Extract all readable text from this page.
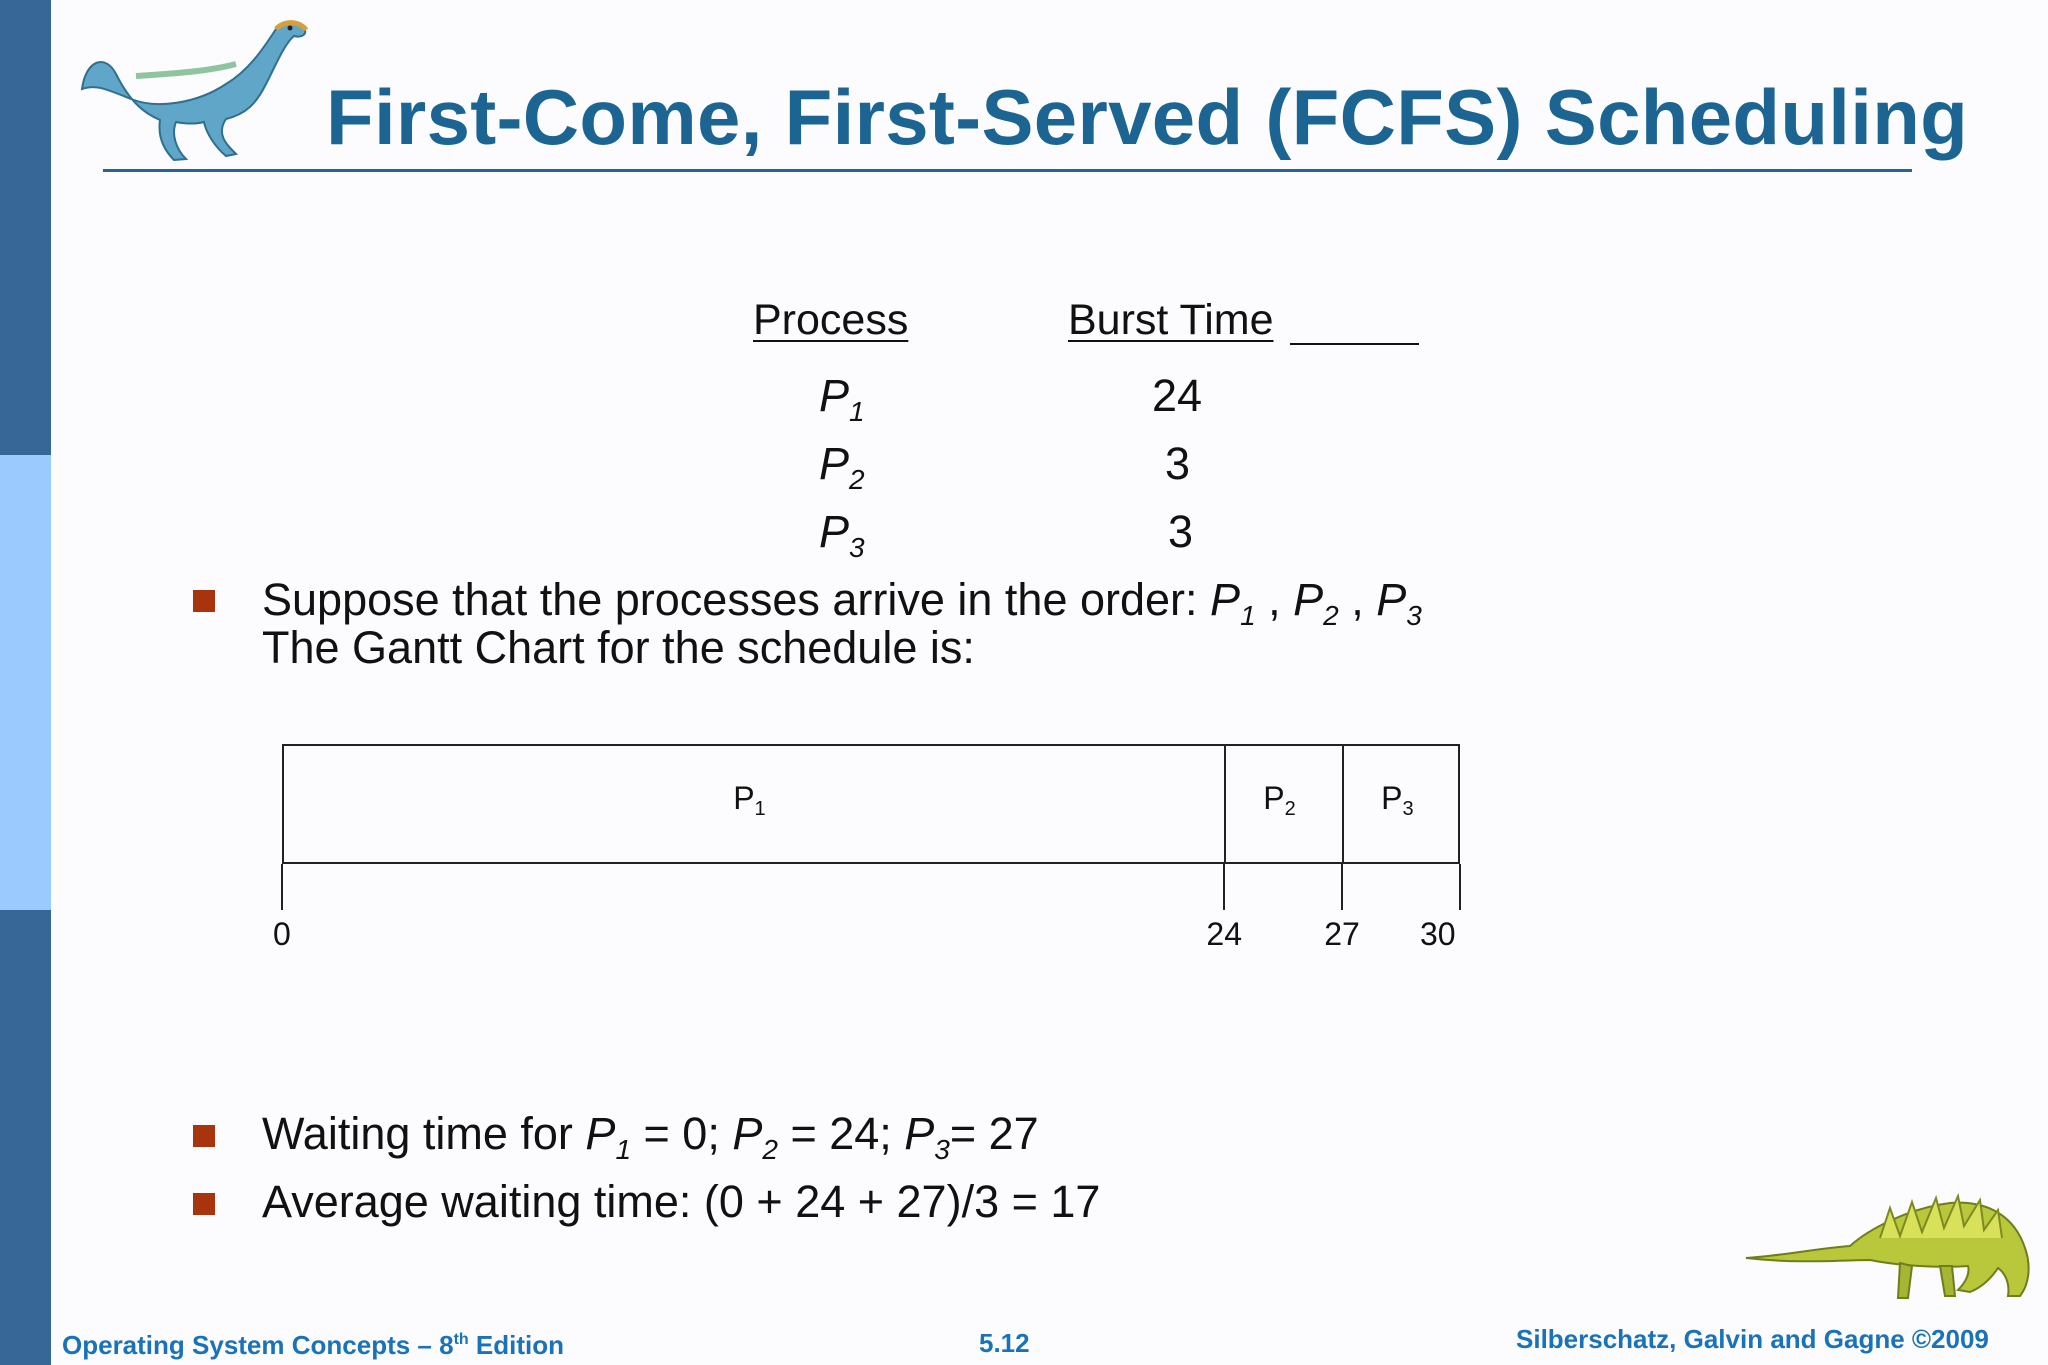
First-Come, First-Served (FCFS) Scheduling
Process	Burst Time
$P_1$	24
$P_2$	3
$P_3$	3
Suppose that the processes arrive in the order: $P_1$ , $P_2$ , $P_3$
The Gantt Chart for the schedule is:
$P_1$	$P_2$	$P_3$
0	24	27 30
Waiting time for $P_1 = 0$; $P_2 = 24$; $P_3= 27$
Average waiting time: (0 + 24 + 27)/3 = 17
Operating System Concepts – 8th Edition	5.12	Silberschatz, Galvin and Gagne ©2009
